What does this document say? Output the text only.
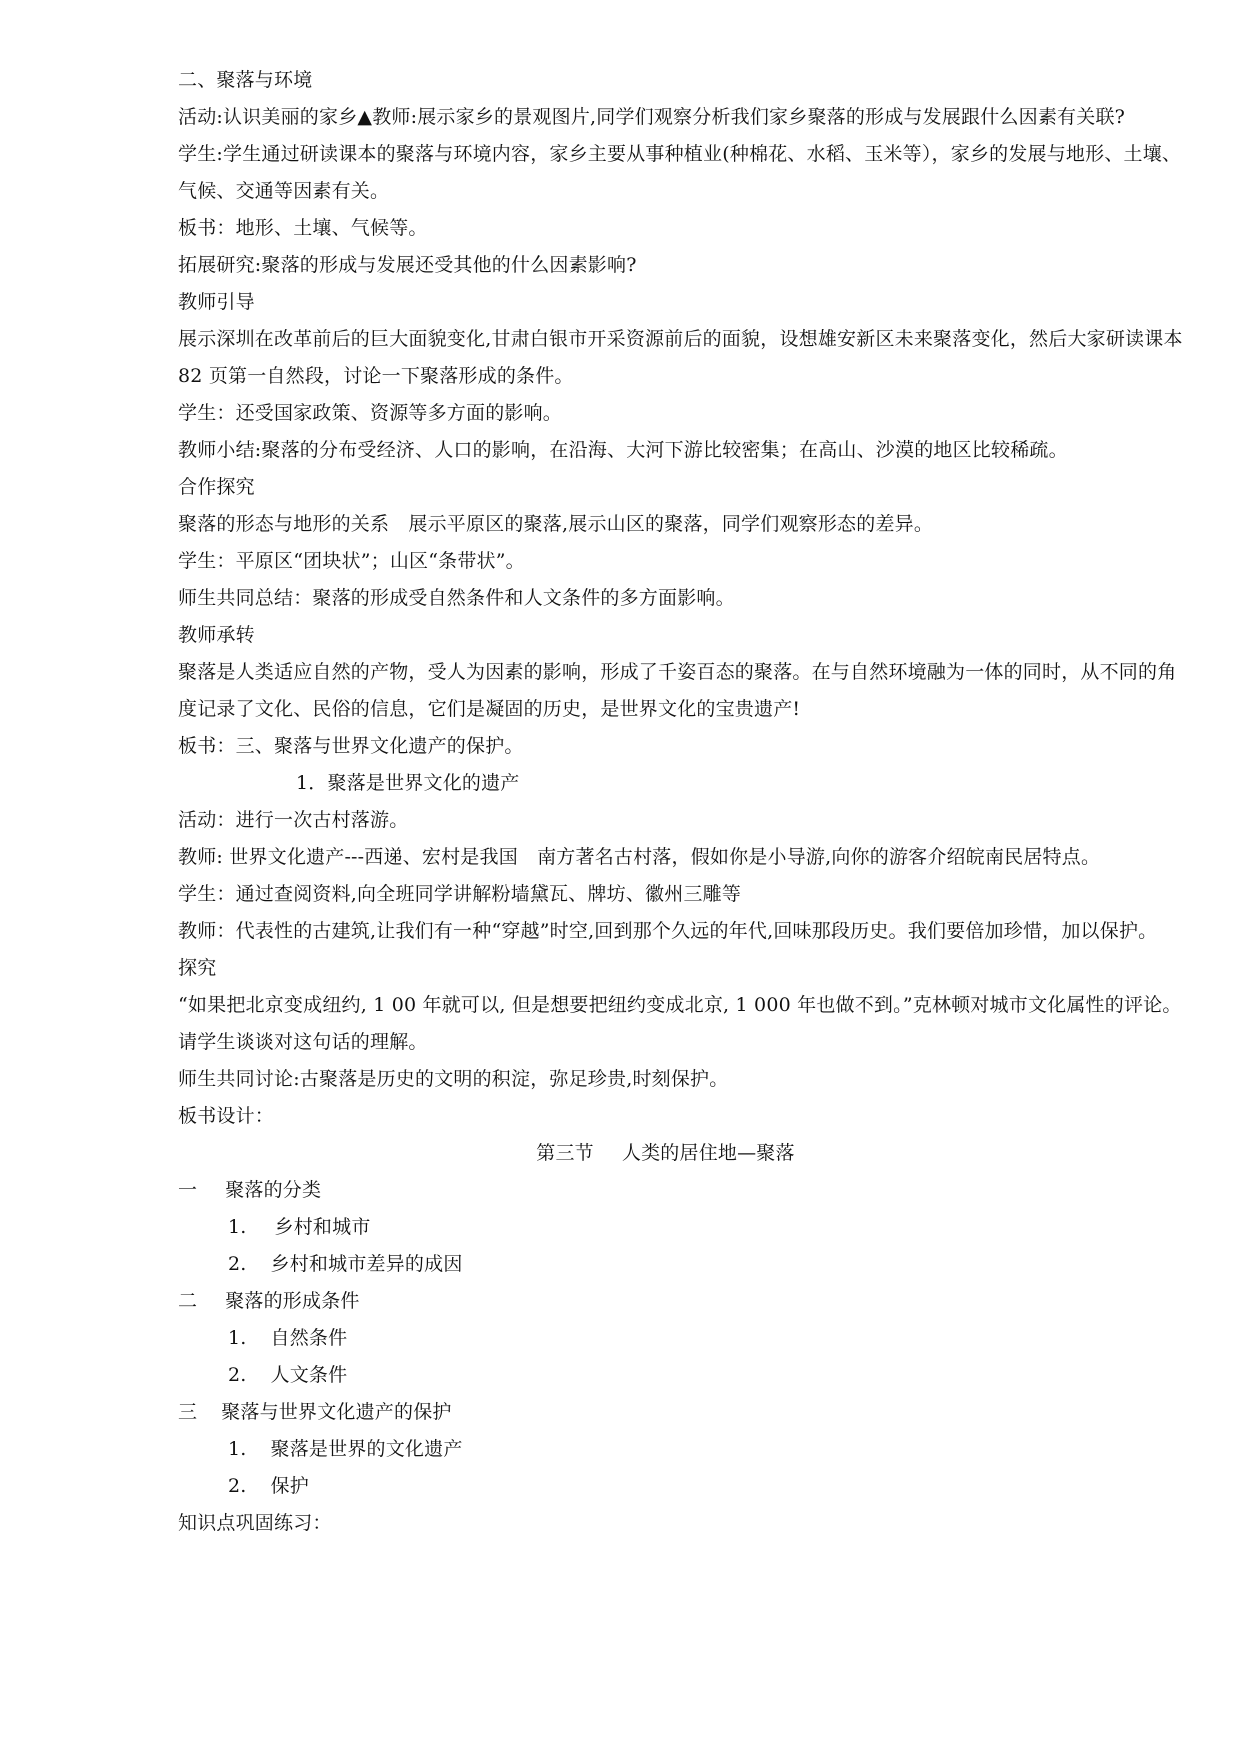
二、聚落与环境

活动:认识美丽的家乡▲教师:展示家乡的景观图片,同学们观察分析我们家乡聚落的形成与发展跟什么因素有关联?

学生:学生通过研读课本的聚落与环境内容，家乡主要从事种植业(种棉花、水稻、玉米等），家乡的发展与地形、土壤、气候、交通等因素有关。

板书：地形、土壤、气候等。

拓展研究:聚落的形成与发展还受其他的什么因素影响?

教师引导

展示深圳在改革前后的巨大面貌变化,甘肃白银市开采资源前后的面貌，设想雄安新区未来聚落变化，然后大家研读课本 82 页第一自然段，讨论一下聚落形成的条件。

学生：还受国家政策、资源等多方面的影响。

教师小结:聚落的分布受经济、人口的影响，在沿海、大河下游比较密集；在高山、沙漠的地区比较稀疏。

合作探究

聚落的形态与地形的关系　展示平原区的聚落,展示山区的聚落，同学们观察形态的差异。

学生：平原区“团块状”；山区“条带状”。

师生共同总结：聚落的形成受自然条件和人文条件的多方面影响。

教师承转

聚落是人类适应自然的产物，受人为因素的影响，形成了千姿百态的聚落。在与自然环境融为一体的同时，从不同的角度记录了文化、民俗的信息，它们是凝固的历史，是世界文化的宝贵遗产!

板书：三、聚落与世界文化遗产的保护。

1．聚落是世界文化的遗产

活动：进行一次古村落游。

教师: 世界文化遗产---西递、宏村是我国　南方著名古村落，假如你是小导游,向你的游客介绍皖南民居特点。

学生：通过查阅资料,向全班同学讲解粉墙黛瓦、牌坊、徽州三雕等

教师：代表性的古建筑,让我们有一种“穿越”时空,回到那个久远的年代,回味那段历史。我们要倍加珍惜，加以保护。

探究

“如果把北京变成纽约, 1 00 年就可以, 但是想要把纽约变成北京, 1 000 年也做不到。”克林顿对城市文化属性的评论。

请学生谈谈对这句话的理解。

师生共同讨论:古聚落是历史的文明的积淀，弥足珍贵,时刻保护。

板书设计：

第三节 人类的居住地—聚落

一 聚落的分类

1. 乡村和城市

2. 乡村和城市差异的成因

二 聚落的形成条件

1. 自然条件

2. 人文条件

三 聚落与世界文化遗产的保护

1. 聚落是世界的文化遗产

2. 保护

知识点巩固练习：
